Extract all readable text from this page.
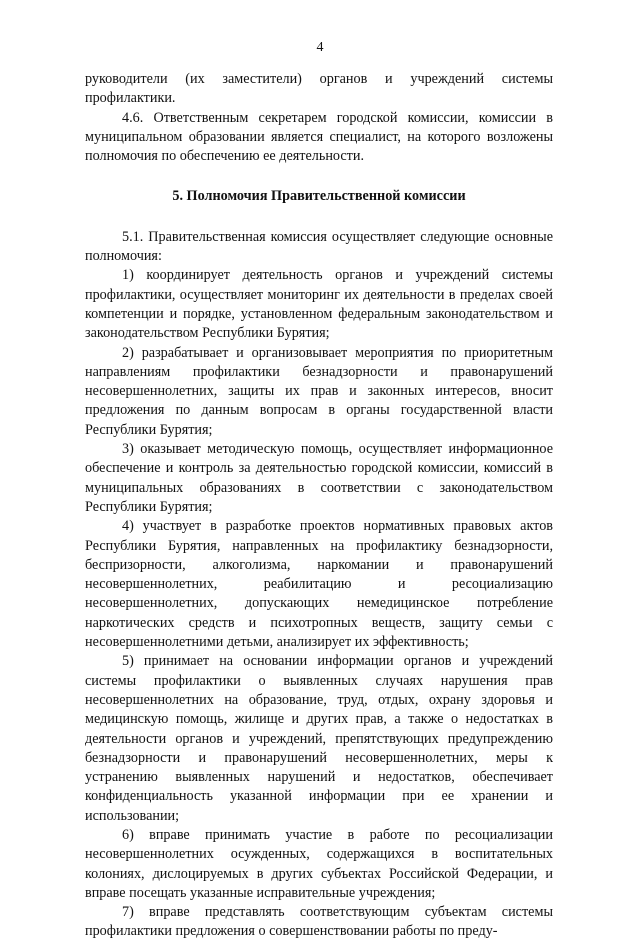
4

руководители (их заместители) органов и учреждений системы профилактики.

4.6. Ответственным секретарем городской комиссии, комиссии в муниципальном образовании является специалист, на которого возложены полномочия по обеспечению ее деятельности.

5. Полномочия Правительственной комиссии

5.1. Правительственная комиссия осуществляет следующие основные полномочия:

1) координирует деятельность органов и учреждений системы профилактики, осуществляет мониторинг их деятельности в пределах своей компетенции и порядке, установленном федеральным законодательством и законодательством Республики Бурятия;

2) разрабатывает и организовывает мероприятия по приоритетным направлениям профилактики безнадзорности и правонарушений несовершеннолетних, защиты их прав и законных интересов, вносит предложения по данным вопросам в органы государственной власти Республики Бурятия;

3) оказывает методическую помощь, осуществляет информационное обеспечение и контроль за деятельностью городской комиссии, комиссий в муниципальных образованиях в соответствии с законодательством Республики Бурятия;

4) участвует в разработке проектов нормативных правовых актов Республики Бурятия, направленных на профилактику безнадзорности, беспризорности, алкоголизма, наркомании и правонарушений несовершеннолетних, реабилитацию и ресоциализацию несовершеннолетних, допускающих немедицинское потребление наркотических средств и психотропных веществ, защиту семьи с несовершеннолетними детьми, анализирует их эффективность;

5) принимает на основании информации органов и учреждений системы профилактики о выявленных случаях нарушения прав несовершеннолетних на образование, труд, отдых, охрану здоровья и медицинскую помощь, жилище и других прав, а также о недостатках в деятельности органов и учреждений, препятствующих предупреждению безнадзорности и правонарушений несовершеннолетних, меры к устранению выявленных нарушений и недостатков, обеспечивает конфиденциальность указанной информации при ее хранении и использовании;

6) вправе принимать участие в работе по ресоциализации несовершеннолетних осужденных, содержащихся в воспитательных колониях, дислоцируемых в других субъектах Российской Федерации, и вправе посещать указанные исправительные учреждения;

7) вправе представлять соответствующим субъектам системы профилактики предложения о совершенствовании работы по преду-
